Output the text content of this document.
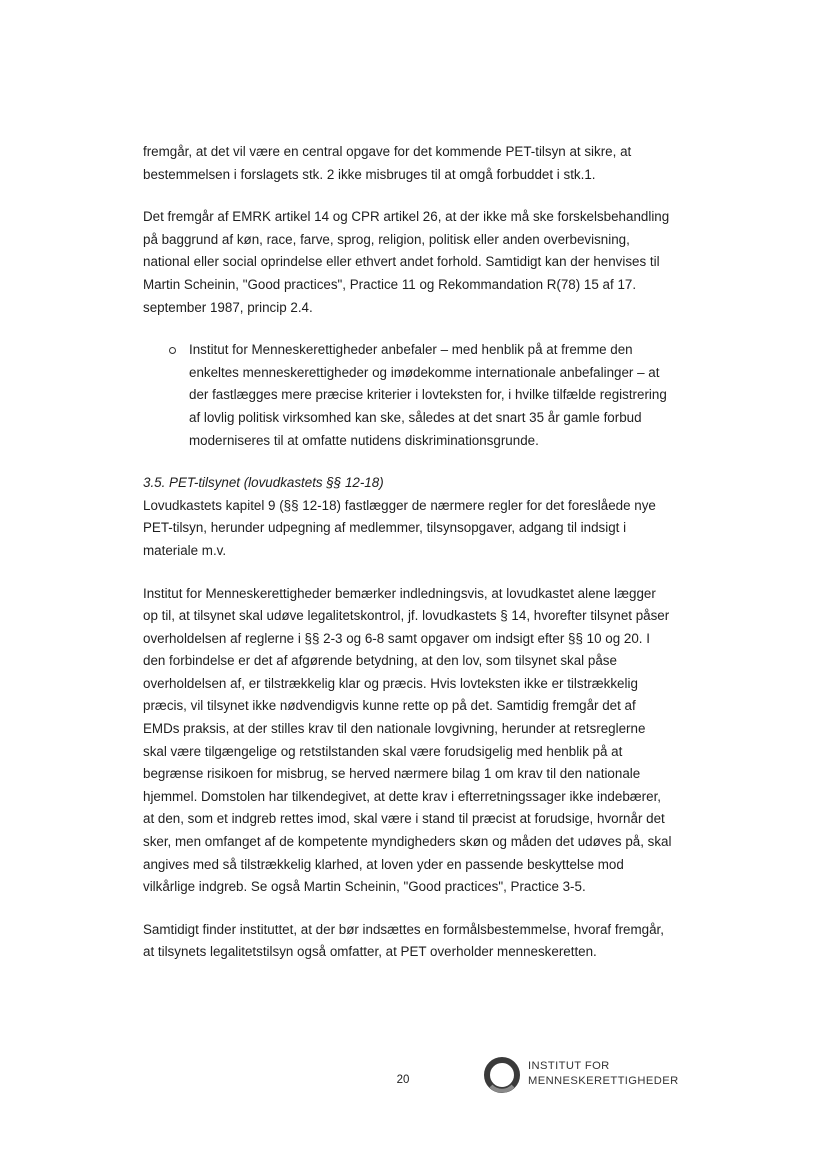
fremgår, at det vil være en central opgave for det kommende PET-tilsyn at sikre, at

bestemmelsen i forslagets stk. 2 ikke misbruges til at omgå forbuddet i stk.1.

Det fremgår af EMRK artikel 14 og CPR artikel 26, at der ikke må ske forskelsbehandling

på baggrund af køn, race, farve, sprog, religion, politisk eller anden overbevisning,

national eller social oprindelse eller ethvert andet forhold. Samtidigt kan der henvises til

Martin Scheinin, "Good practices", Practice 11 og Rekommandation R(78) 15 af 17.

september 1987, princip 2.4.

Institut for Menneskerettigheder anbefaler – med henblik på at fremme den

enkeltes menneskerettigheder og imødekomme internationale anbefalinger – at

der fastlægges mere præcise kriterier i lovteksten for, i hvilke tilfælde registrering

af lovlig politisk virksomhed kan ske, således at det snart 35 år gamle forbud

moderniseres til at omfatte nutidens diskriminationsgrunde.

3.5. PET-tilsynet (lovudkastets §§ 12-18)

Lovudkastets kapitel 9 (§§ 12-18) fastlægger de nærmere regler for det foreslåede nye

PET-tilsyn, herunder udpegning af medlemmer, tilsynsopgaver, adgang til indsigt i

materiale m.v.

Institut for Menneskerettigheder bemærker indledningsvis, at lovudkastet alene lægger

op til, at tilsynet skal udøve legalitetskontrol, jf. lovudkastets § 14, hvorefter tilsynet påser

overholdelsen af reglerne i §§ 2-3 og 6-8 samt opgaver om indsigt efter §§ 10 og 20. I

den forbindelse er det af afgørende betydning, at den lov, som tilsynet skal påse

overholdelsen af, er tilstrækkelig klar og præcis. Hvis lovteksten ikke er tilstrækkelig

præcis, vil tilsynet ikke nødvendigvis kunne rette op på det. Samtidig fremgår det af

EMDs praksis, at der stilles krav til den nationale lovgivning, herunder at retsreglerne

skal være tilgængelige og retstilstanden skal være forudsigelig med henblik på at

begrænse risikoen for misbrug, se herved nærmere bilag 1 om krav til den nationale

hjemmel. Domstolen har tilkendegivet, at dette krav i efterretningssager ikke indebærer,

at den, som et indgreb rettes imod, skal være i stand til præcist at forudsige, hvornår det

sker, men omfanget af de kompetente myndigheders skøn og måden det udøves på, skal

angives med så tilstrækkelig klarhed, at loven yder en passende beskyttelse mod

vilkårlige indgreb. Se også Martin Scheinin, "Good practices", Practice 3-5.

Samtidigt finder instituttet, at der bør indsættes en formålsbestemmelse, hvoraf fremgår,

at tilsynets legalitetstilsyn også omfatter, at PET overholder menneskeretten.

20
INSTITUT FOR
MENNESKERETTIGHEDER
